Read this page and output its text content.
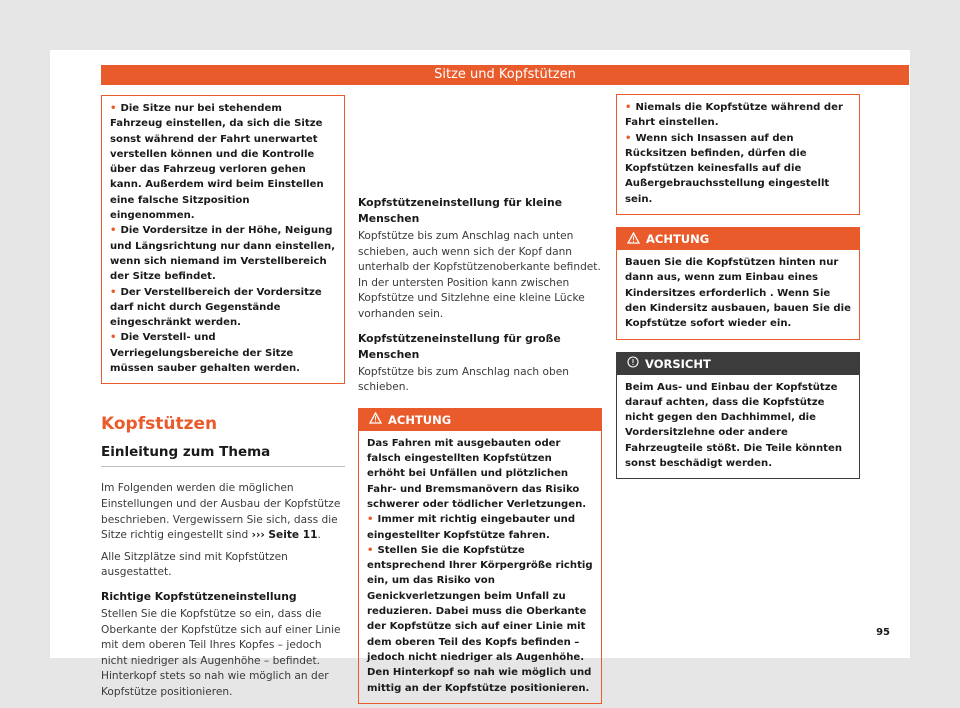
Sitze und Kopfstützen

• Die Sitze nur bei stehendem Fahrzeug einstellen, da sich die Sitze sonst während der Fahrt unerwartet verstellen können und die Kontrolle über das Fahrzeug verloren gehen kann. Außerdem wird beim Einstellen eine falsche Sitzposition eingenommen.

• Die Vordersitze in der Höhe, Neigung und Längsrichtung nur dann einstellen, wenn sich niemand im Verstellbereich der Sitze befindet.

• Der Verstellbereich der Vordersitze darf nicht durch Gegenstände eingeschränkt werden.

• Die Verstell- und Verriegelungsbereiche der Sitze müssen sauber gehalten werden.

Kopfstützen
Einleitung zum Thema

Im Folgenden werden die möglichen Einstellungen und der Ausbau der Kopfstütze beschrieben. Vergewissern Sie sich, dass die Sitze richtig eingestellt sind ››› Seite 11.

Alle Sitzplätze sind mit Kopfstützen ausgestattet.

Richtige Kopfstützeneinstellung

Stellen Sie die Kopfstütze so ein, dass die Oberkante der Kopfstütze sich auf einer Linie mit dem oberen Teil Ihres Kopfes – jedoch nicht niedriger als Augenhöhe – befindet. Hinterkopf stets so nah wie möglich an der Kopfstütze positionieren.

Kopfstützeneinstellung für kleine Menschen

Kopfstütze bis zum Anschlag nach unten schieben, auch wenn sich der Kopf dann unterhalb der Kopfstützenoberkante befindet. In der untersten Position kann zwischen Kopfstütze und Sitzlehne eine kleine Lücke vorhanden sein.

Kopfstützeneinstellung für große Menschen

Kopfstütze bis zum Anschlag nach oben schieben.

ACHTUNG

Das Fahren mit ausgebauten oder falsch eingestellten Kopfstützen erhöht bei Unfällen und plötzlichen Fahr- und Bremsmanövern das Risiko schwerer oder tödlicher Verletzungen.

• Immer mit richtig eingebauter und eingestellter Kopfstütze fahren.

• Stellen Sie die Kopfstütze entsprechend Ihrer Körpergröße richtig ein, um das Risiko von Genickverletzungen beim Unfall zu reduzieren. Dabei muss die Oberkante der Kopfstütze sich auf einer Linie mit dem oberen Teil des Kopfs befinden – jedoch nicht niedriger als Augenhöhe. Den Hinterkopf so nah wie möglich und mittig an der Kopfstütze positionieren.

• Niemals die Kopfstütze während der Fahrt einstellen.

• Wenn sich Insassen auf den Rücksitzen befinden, dürfen die Kopfstützen keinesfalls auf die Außergebrauchsstellung eingestellt sein.

ACHTUNG

Bauen Sie die Kopfstützen hinten nur dann aus, wenn zum Einbau eines Kindersitzes erforderlich . Wenn Sie den Kindersitz ausbauen, bauen Sie die Kopfstütze sofort wieder ein.

VORSICHT

Beim Aus- und Einbau der Kopfstütze darauf achten, dass die Kopfstütze nicht gegen den Dachhimmel, die Vordersitzlehne oder andere Fahrzeugteile stößt. Die Teile könnten sonst beschädigt werden.

95
